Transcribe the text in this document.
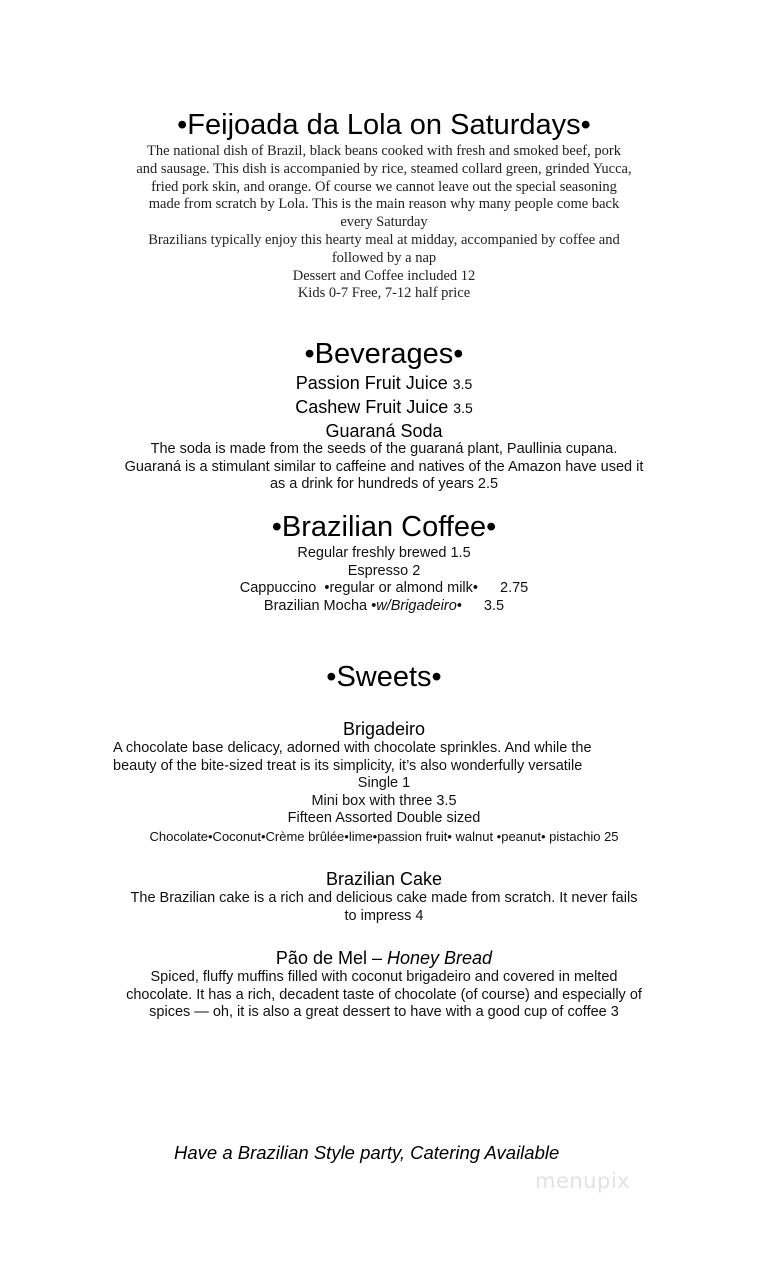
•Feijoada da Lola on Saturdays•
The national dish of Brazil, black beans cooked with fresh and smoked beef, pork
and sausage. This dish is accompanied by rice, steamed collard green, grinded Yucca,
fried pork skin, and orange. Of course we cannot leave out the special seasoning
made from scratch by Lola. This is the main reason why many people come back
every Saturday
Brazilians typically enjoy this hearty meal at midday, accompanied by coffee and
followed by a nap
Dessert and Coffee included 12
Kids 0-7 Free, 7-12 half price
•Beverages•
Passion Fruit Juice 3.5
Cashew Fruit Juice 3.5
Guaraná Soda
The soda is made from the seeds of the guaraná plant, Paullinia cupana.
Guaraná is a stimulant similar to caffeine and natives of the Amazon have used it
as a drink for hundreds of years 2.5
•Brazilian Coffee•
Regular freshly brewed 1.5
Espresso 2
Cappuccino •regular or almond milk• 2.75
Brazilian Mocha •w/Brigadeiro• 3.5
•Sweets•
Brigadeiro
A chocolate base delicacy, adorned with chocolate sprinkles. And while the
beauty of the bite-sized treat is its simplicity, it’s also wonderfully versatile
Single 1
Mini box with three 3.5
Fifteen Assorted Double sized
Chocolate•Coconut•Crème brûlée•lime•passion fruit• walnut •peanut• pistachio 25
Brazilian Cake
The Brazilian cake is a rich and delicious cake made from scratch. It never fails
to impress 4
Pão de Mel – Honey Bread
Spiced, fluffy muffins filled with coconut brigadeiro and covered in melted
chocolate. It has a rich, decadent taste of chocolate (of course) and especially of
spices — oh, it is also a great dessert to have with a good cup of coffee 3
Have a Brazilian Style party, Catering Available
menupix
